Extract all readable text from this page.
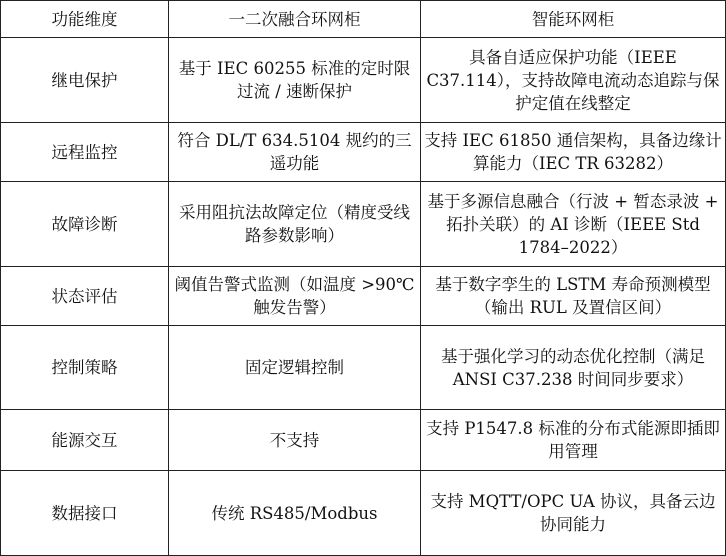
功能维度	一二次融合环网柜	智能环网柜
继电保护	基于 IEC 60255 标准的定时限过流 / 速断保护	具备自适应保护功能（IEEE C37.114），支持故障电流动态追踪与保护定值在线整定
远程监控	符合 DL/T 634.5104 规约的三遥功能	支持 IEC 61850 通信架构，具备边缘计算能力（IEC TR 63282）
故障诊断	采用阻抗法故障定位（精度受线路参数影响）	基于多源信息融合（行波 + 暂态录波 + 拓扑关联）的 AI 诊断（IEEE Std 1784–2022）
状态评估	阈值告警式监测（如温度 >90℃触发告警）	基于数字孪生的 LSTM 寿命预测模型（输出 RUL 及置信区间）
控制策略	固定逻辑控制	基于强化学习的动态优化控制（满足 ANSI C37.238 时间同步要求）
能源交互	不支持	支持 P1547.8 标准的分布式能源即插即用管理
数据接口	传统 RS485/Modbus	支持 MQTT/OPC UA 协议，具备云边协同能力
